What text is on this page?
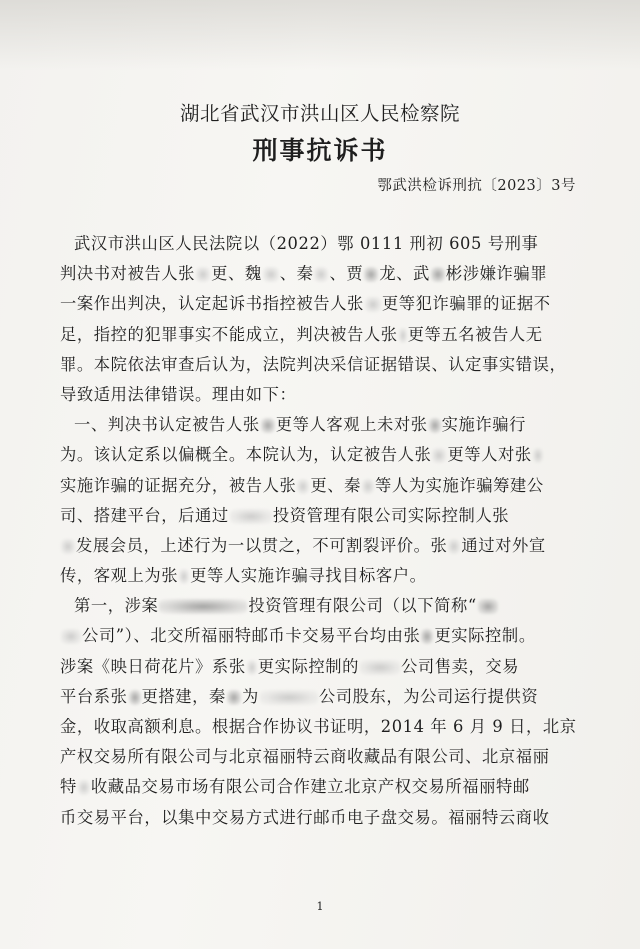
湖北省武汉市洪山区人民检察院
刑事抗诉书
鄂武洪检诉刑抗〔2023〕3号
武汉市洪山区人民法院以（2022）鄂 0111 刑初 605 号刑事
判决书对被告人张 更、魏 、秦 、贾 龙、武 彬涉嫌诈骗罪
一案作出判决，认定起诉书指控被告人张 更等犯诈骗罪的证据不
足，指控的犯罪事实不能成立，判决被告人张 更等五名被告人无
罪。本院依法审查后认为，法院判决采信证据错误、认定事实错误，
导致适用法律错误。理由如下：
一、判决书认定被告人张 更等人客观上未对张 实施诈骗行
为。该认定系以偏概全。本院认为，认定被告人张 更等人对张
实施诈骗的证据充分，被告人张 更、秦 等人为实施诈骗筹建公
司、搭建平台，后通过	投资管理有限公司实际控制人张
发展会员，上述行为一以贯之，不可割裂评价。张 通过对外宣
传，客观上为张 更等人实施诈骗寻找目标客户。
第一，涉案	投资管理有限公司（以下简称“
公司”）、北交所福丽特邮币卡交易平台均由张 更实际控制。
涉案《映日荷花片》系张 更实际控制的	公司售卖，交易
平台系张 更搭建，秦 为	公司股东，为公司运行提供资
金，收取高额利息。根据合作协议书证明，2014 年 6 月 9 日，北京
产权交易所有限公司与北京福丽特云商收藏品有限公司、北京福丽
特 收藏品交易市场有限公司合作建立北京产权交易所福丽特邮
币交易平台，以集中交易方式进行邮币电子盘交易。福丽特云商收
1
